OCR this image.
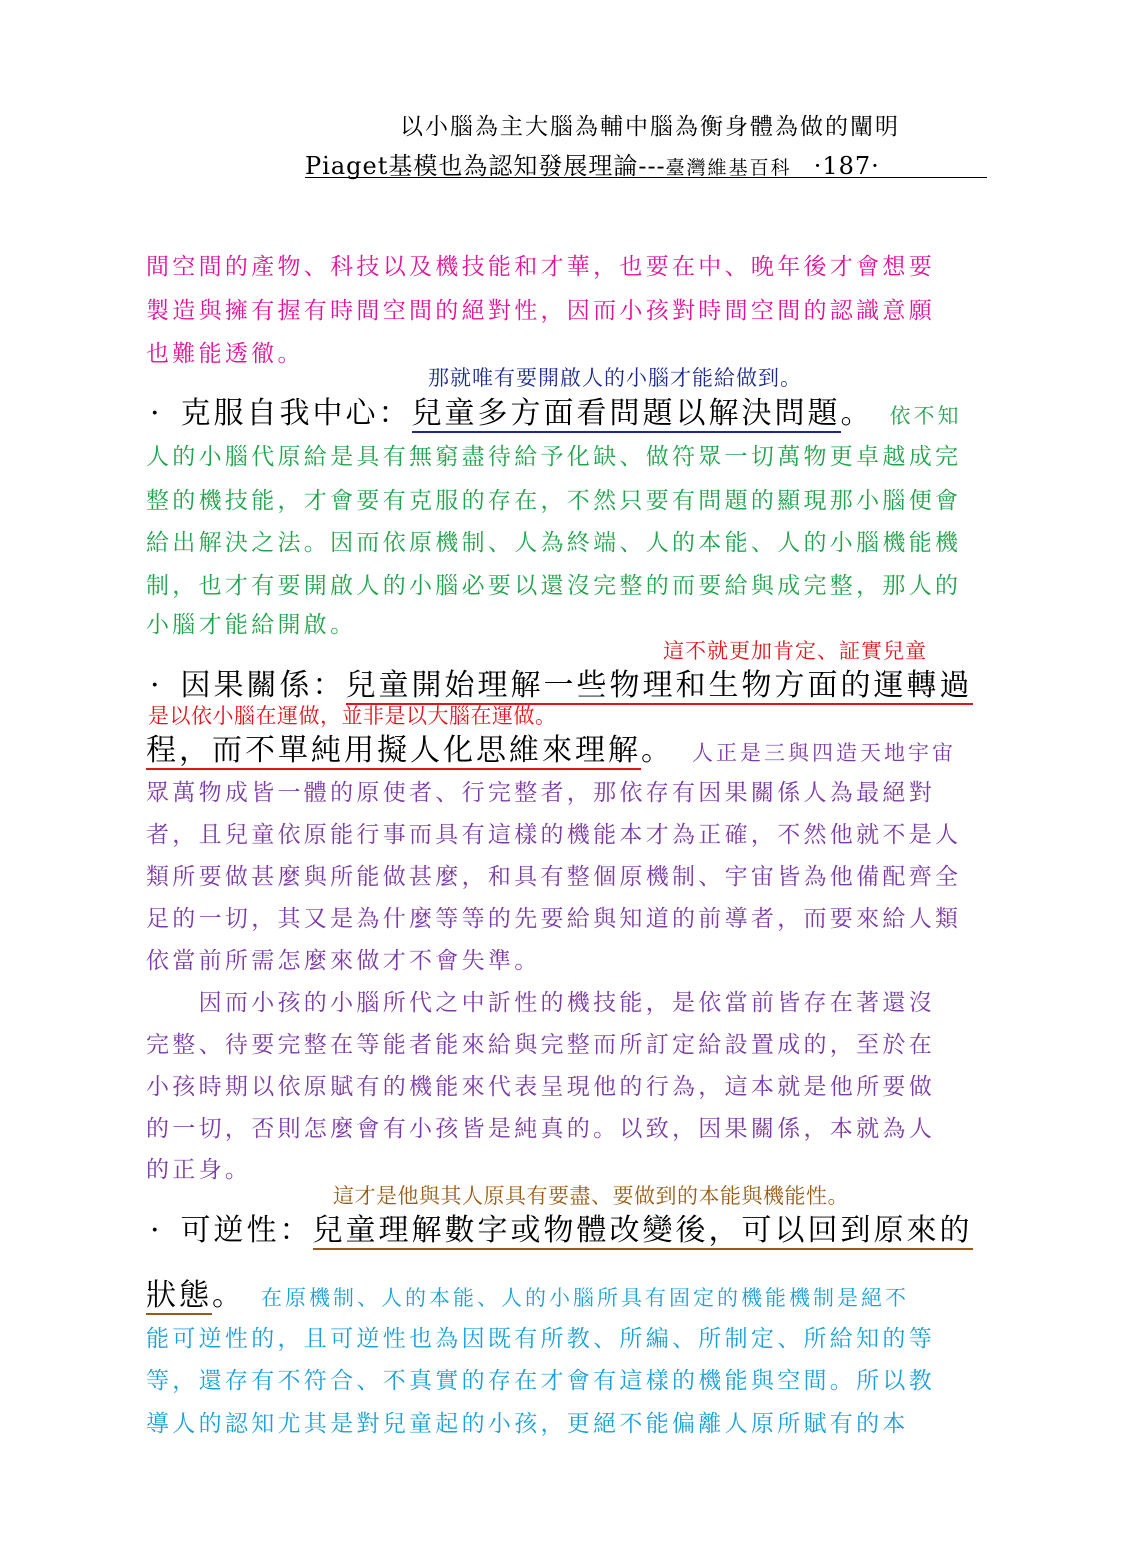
以小腦為主大腦為輔中腦為衡身體為做的闡明
Piaget基模也為認知發展理論---臺灣維基百科 ·187·
間空間的產物、科技以及機技能和才華，也要在中、晚年後才會想要
製造與擁有握有時間空間的絕對性，因而小孩對時間空間的認識意願
也難能透徹。
那就唯有要開啟人的小腦才能給做到。
· 克服自我中心：兒童多方面看問題以解決問題。 依不知
人的小腦代原給是具有無窮盡待給予化缺、做符眾一切萬物更卓越成完
整的機技能，才會要有克服的存在，不然只要有問題的顯現那小腦便會
給出解決之法。因而依原機制、人為終端、人的本能、人的小腦機能機
制，也才有要開啟人的小腦必要以還沒完整的而要給與成完整，那人的
小腦才能給開啟。
這不就更加肯定、証實兒童
· 因果關係：兒童開始理解一些物理和生物方面的運轉過
是以依小腦在運做，並非是以大腦在運做。
程，而不單純用擬人化思維來理解。 人正是三與四造天地宇宙
眾萬物成皆一體的原使者、行完整者，那依存有因果關係人為最絕對
者，且兒童依原能行事而具有這樣的機能本才為正確，不然他就不是人
類所要做甚麼與所能做甚麼，和具有整個原機制、宇宙皆為他備配齊全
足的一切，其又是為什麼等等的先要給與知道的前導者，而要來給人類
依當前所需怎麼來做才不會失準。
　　因而小孩的小腦所代之中訢性的機技能，是依當前皆存在著還沒
完整、待要完整在等能者能來給與完整而所訂定給設置成的，至於在
小孩時期以依原賦有的機能來代表呈現他的行為，這本就是他所要做
的一切，否則怎麼會有小孩皆是純真的。以致，因果關係，本就為人
的正身。
這才是他與其人原具有要盡、要做到的本能與機能性。
· 可逆性：兒童理解數字或物體改變後，可以回到原來的
狀態。 在原機制、人的本能、人的小腦所具有固定的機能機制是絕不
能可逆性的，且可逆性也為因既有所教、所編、所制定、所給知的等
等，還存有不符合、不真實的存在才會有這樣的機能與空間。所以教
導人的認知尤其是對兒童起的小孩，更絕不能偏離人原所賦有的本
